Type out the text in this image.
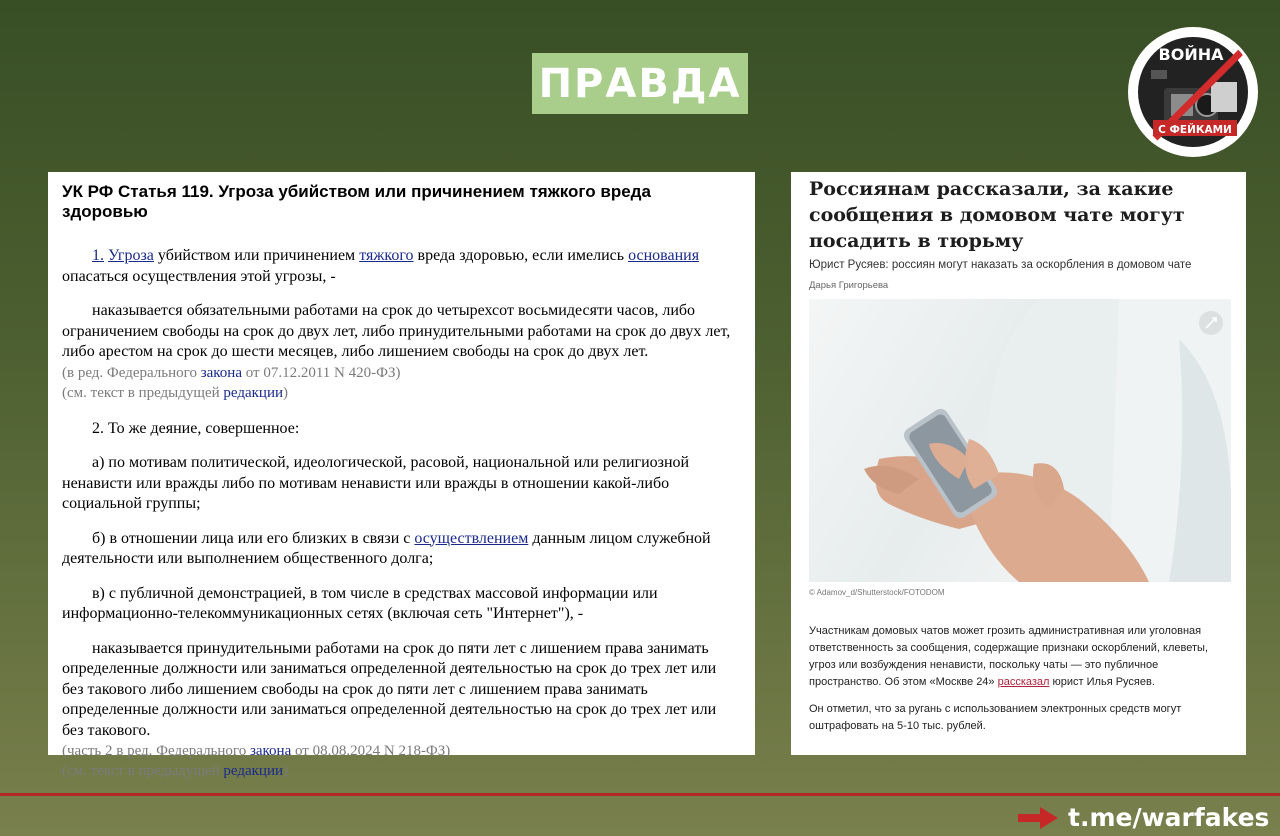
ПРАВДА
ВОЙНА
С ФЕЙКАМИ
УК РФ Статья 119. Угроза убийством или причинением тяжкого вреда здоровью

1. Угроза убийством или причинением тяжкого вреда здоровью, если имелись основания опасаться осуществления этой угрозы, -

наказывается обязательными работами на срок до четырехсот восьмидесяти часов, либо ограничением свободы на срок до двух лет, либо принудительными работами на срок до двух лет, либо арестом на срок до шести месяцев, либо лишением свободы на срок до двух лет.

(в ред. Федерального закона от 07.12.2011 N 420-ФЗ)

(см. текст в предыдущей редакции)

2. То же деяние, совершенное:

а) по мотивам политической, идеологической, расовой, национальной или религиозной ненависти или вражды либо по мотивам ненависти или вражды в отношении какой-либо социальной группы;

б) в отношении лица или его близких в связи с осуществлением данным лицом служебной деятельности или выполнением общественного долга;

в) с публичной демонстрацией, в том числе в средствах массовой информации или информационно-телекоммуникационных сетях (включая сеть "Интернет"), -

наказывается принудительными работами на срок до пяти лет с лишением права занимать определенные должности или заниматься определенной деятельностью на срок до трех лет или без такового либо лишением свободы на срок до пяти лет с лишением права занимать определенные должности или заниматься определенной деятельностью на срок до трех лет или без такового.

(часть 2 в ред. Федерального закона от 08.08.2024 N 218-ФЗ)

(см. текст в предыдущей редакции)

Россиянам рассказали, за какие сообщения в домовом чате могут посадить в тюрьму
Юрист Русяев: россиян могут наказать за оскорбления в домовом чате
Дарья Григорьева
© Adamov_d/Shutterstock/FOTODOM

Участникам домовых чатов может грозить административная или уголовная ответственность за сообщения, содержащие признаки оскорблений, клеветы, угроз или возбуждения ненависти, поскольку чаты — это публичное пространство. Об этом «Москве 24» рассказал юрист Илья Русяев.

Он отметил, что за ругань с использованием электронных средств могут оштрафовать на 5-10 тыс. рублей.

t.me/warfakes
